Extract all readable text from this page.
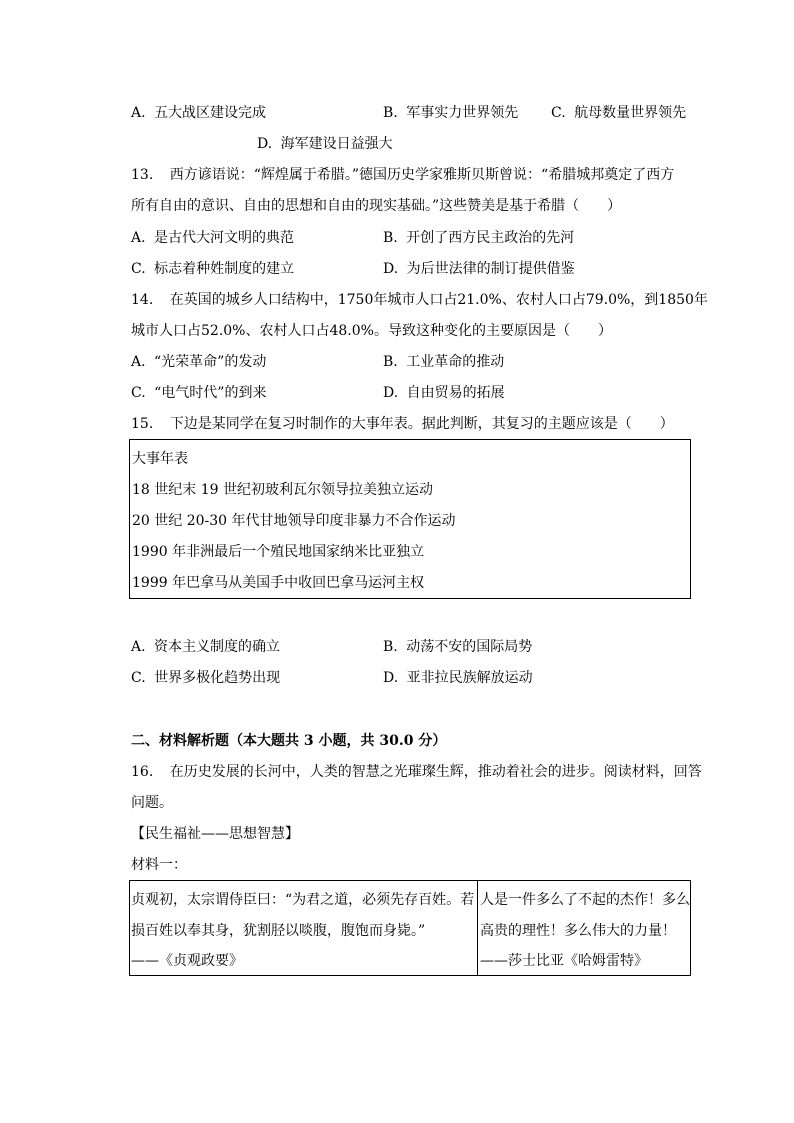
A. 五大战区建设完成	B. 军事实力世界领先 C. 航母数量世界领先
D. 海军建设日益强大
13. 西方谚语说：“辉煌属于希腊。”德国历史学家雅斯贝斯曾说：“希腊城邦奠定了西方
所有自由的意识、自由的思想和自由的现实基础。”这些赞美是基于希腊（　　）
A. 是古代大河文明的典范	B. 开创了西方民主政治的先河
C. 标志着种姓制度的建立	D. 为后世法律的制订提供借鉴
14. 在英国的城乡人口结构中，1750年城市人口占21.0%、农村人口占79.0%，到1850年
城市人口占52.0%、农村人口占48.0%。导致这种变化的主要原因是（　　）
A. “光荣革命”的发动	B. 工业革命的推动
C. “电气时代”的到来	D. 自由贸易的拓展
15. 下边是某同学在复习时制作的大事年表。据此判断，其复习的主题应该是（　　）
大事年表
18 世纪末 19 世纪初玻利瓦尔领导拉美独立运动
20 世纪 20-30 年代甘地领导印度非暴力不合作运动
1990 年非洲最后一个殖民地国家纳米比亚独立
1999 年巴拿马从美国手中收回巴拿马运河主权
A. 资本主义制度的确立	B. 动荡不安的国际局势
C. 世界多极化趋势出现	D. 亚非拉民族解放运动
二、材料解析题（本大题共 3 小题，共 30.0 分）
16. 在历史发展的长河中，人类的智慧之光璀璨生辉，推动着社会的进步。阅读材料，回答
问题。
【民生福祉——思想智慧】
材料一：
贞观初，太宗谓侍臣曰：“为君之道，必须先存百姓。若
损百姓以奉其身，犹割胫以啖腹，腹饱而身毙。”
——《贞观政要》
人是一件多么了不起的杰作！多么
高贵的理性！多么伟大的力量！
——莎士比亚《哈姆雷特》
